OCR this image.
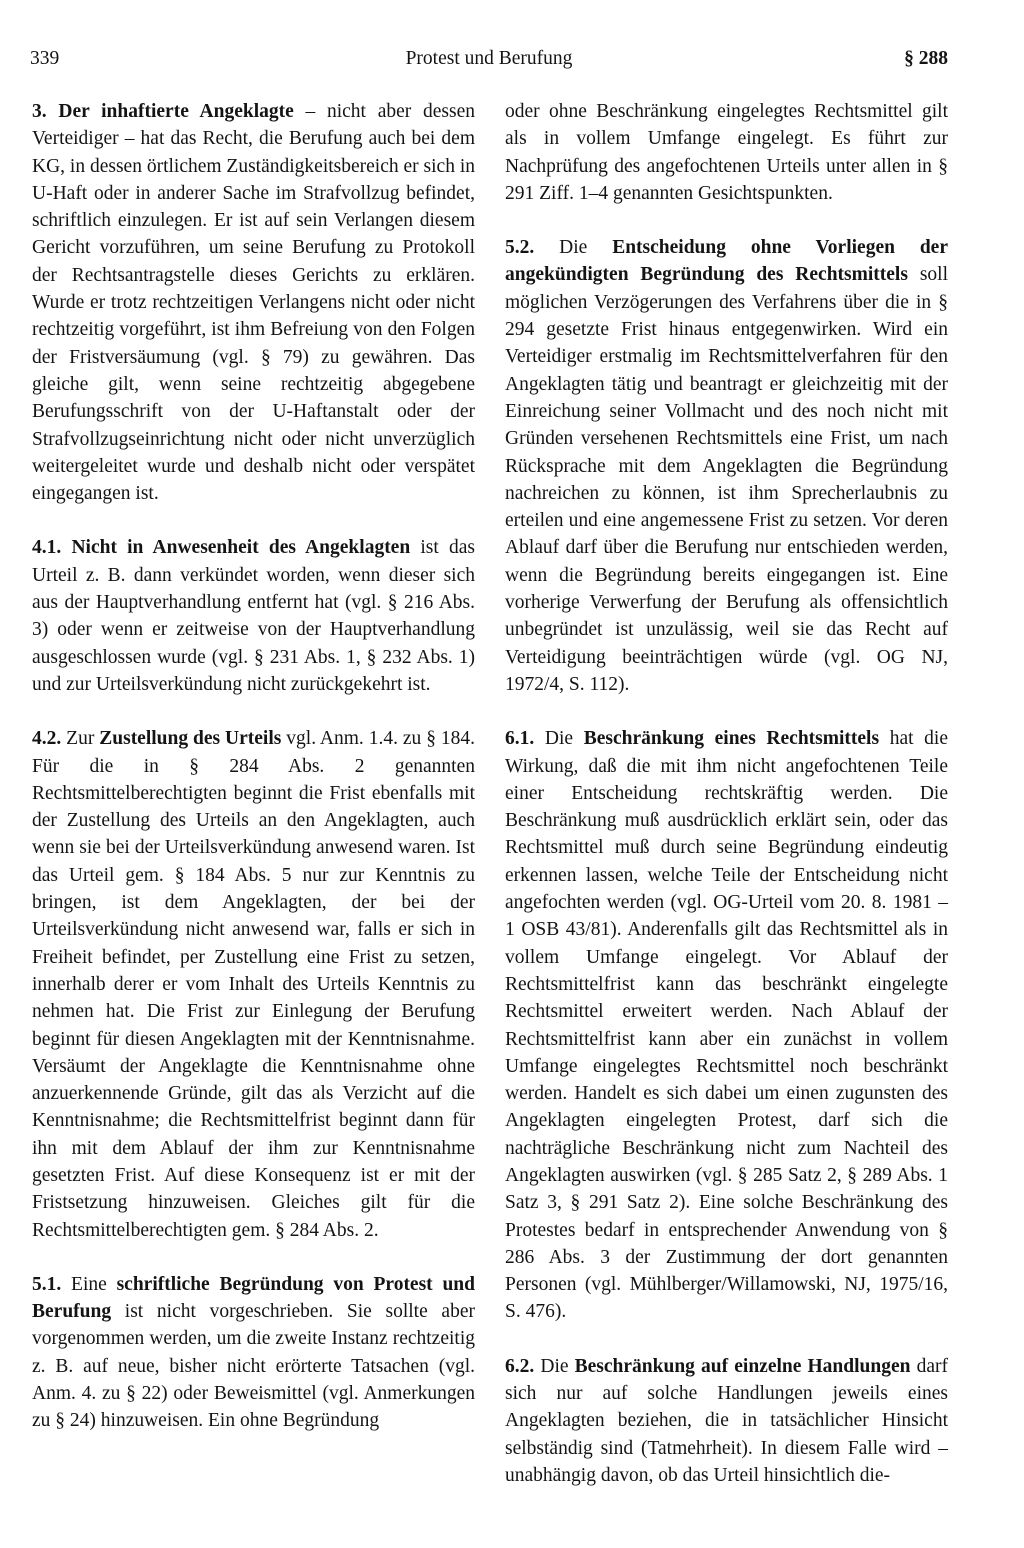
339	Protest und Berufung	§ 288

3. Der inhaftierte Angeklagte – nicht aber dessen Verteidiger – hat das Recht, die Berufung auch bei dem KG, in dessen örtlichem Zuständigkeitsbereich er sich in U-Haft oder in anderer Sache im Strafvollzug befindet, schriftlich einzulegen. Er ist auf sein Verlangen diesem Gericht vorzuführen, um seine Berufung zu Protokoll der Rechtsantragstelle dieses Gerichts zu erklären. Wurde er trotz rechtzeitigen Verlangens nicht oder nicht rechtzeitig vorgeführt, ist ihm Befreiung von den Folgen der Fristversäumung (vgl. § 79) zu gewähren. Das gleiche gilt, wenn seine rechtzeitig abgegebene Berufungsschrift von der U-Haftanstalt oder der Strafvollzugseinrichtung nicht oder nicht unverzüglich weitergeleitet wurde und deshalb nicht oder verspätet eingegangen ist.

4.1. Nicht in Anwesenheit des Angeklagten ist das Urteil z. B. dann verkündet worden, wenn dieser sich aus der Hauptverhandlung entfernt hat (vgl. § 216 Abs. 3) oder wenn er zeitweise von der Hauptverhandlung ausgeschlossen wurde (vgl. § 231 Abs. 1, § 232 Abs. 1) und zur Urteilsverkündung nicht zurückgekehrt ist.

4.2. Zur Zustellung des Urteils vgl. Anm. 1.4. zu § 184. Für die in § 284 Abs. 2 genannten Rechtsmittelberechtigten beginnt die Frist ebenfalls mit der Zustellung des Urteils an den Angeklagten, auch wenn sie bei der Urteilsverkündung anwesend waren. Ist das Urteil gem. § 184 Abs. 5 nur zur Kenntnis zu bringen, ist dem Angeklagten, der bei der Urteilsverkündung nicht anwesend war, falls er sich in Freiheit befindet, per Zustellung eine Frist zu setzen, innerhalb derer er vom Inhalt des Urteils Kenntnis zu nehmen hat. Die Frist zur Einlegung der Berufung beginnt für diesen Angeklagten mit der Kenntnisnahme. Versäumt der Angeklagte die Kenntnisnahme ohne anzuerkennende Gründe, gilt das als Verzicht auf die Kenntnisnahme; die Rechtsmittelfrist beginnt dann für ihn mit dem Ablauf der ihm zur Kenntnisnahme gesetzten Frist. Auf diese Konsequenz ist er mit der Fristsetzung hinzuweisen. Gleiches gilt für die Rechtsmittelberechtigten gem. § 284 Abs. 2.

5.1. Eine schriftliche Begründung von Protest und Berufung ist nicht vorgeschrieben. Sie sollte aber vorgenommen werden, um die zweite Instanz rechtzeitig z. B. auf neue, bisher nicht erörterte Tatsachen (vgl. Anm. 4. zu § 22) oder Beweismittel (vgl. Anmerkungen zu § 24) hinzuweisen. Ein ohne Begründung

oder ohne Beschränkung eingelegtes Rechtsmittel gilt als in vollem Umfange eingelegt. Es führt zur Nachprüfung des angefochtenen Urteils unter allen in § 291 Ziff. 1–4 genannten Gesichtspunkten.

5.2. Die Entscheidung ohne Vorliegen der angekündigten Begründung des Rechtsmittels soll möglichen Verzögerungen des Verfahrens über die in § 294 gesetzte Frist hinaus entgegenwirken. Wird ein Verteidiger erstmalig im Rechtsmittelverfahren für den Angeklagten tätig und beantragt er gleichzeitig mit der Einreichung seiner Vollmacht und des noch nicht mit Gründen versehenen Rechtsmittels eine Frist, um nach Rücksprache mit dem Angeklagten die Begründung nachreichen zu können, ist ihm Sprecherlaubnis zu erteilen und eine angemessene Frist zu setzen. Vor deren Ablauf darf über die Berufung nur entschieden werden, wenn die Begründung bereits eingegangen ist. Eine vorherige Verwerfung der Berufung als offensichtlich unbegründet ist unzulässig, weil sie das Recht auf Verteidigung beeinträchtigen würde (vgl. OG NJ, 1972/4, S. 112).

6.1. Die Beschränkung eines Rechtsmittels hat die Wirkung, daß die mit ihm nicht angefochtenen Teile einer Entscheidung rechtskräftig werden. Die Beschränkung muß ausdrücklich erklärt sein, oder das Rechtsmittel muß durch seine Begründung eindeutig erkennen lassen, welche Teile der Entscheidung nicht angefochten werden (vgl. OG-Urteil vom 20. 8. 1981 – 1 OSB 43/81). Anderenfalls gilt das Rechtsmittel als in vollem Umfange eingelegt. Vor Ablauf der Rechtsmittelfrist kann das beschränkt eingelegte Rechtsmittel erweitert werden. Nach Ablauf der Rechtsmittelfrist kann aber ein zunächst in vollem Umfange eingelegtes Rechtsmittel noch beschränkt werden. Handelt es sich dabei um einen zugunsten des Angeklagten eingelegten Protest, darf sich die nachträgliche Beschränkung nicht zum Nachteil des Angeklagten auswirken (vgl. § 285 Satz 2, § 289 Abs. 1 Satz 3, § 291 Satz 2). Eine solche Beschränkung des Protestes bedarf in entsprechender Anwendung von § 286 Abs. 3 der Zustimmung der dort genannten Personen (vgl. Mühlberger/Willamowski, NJ, 1975/16, S. 476).

6.2. Die Beschränkung auf einzelne Handlungen darf sich nur auf solche Handlungen jeweils eines Angeklagten beziehen, die in tatsächlicher Hinsicht selbständig sind (Tatmehrheit). In diesem Falle wird – unabhängig davon, ob das Urteil hinsichtlich die-
